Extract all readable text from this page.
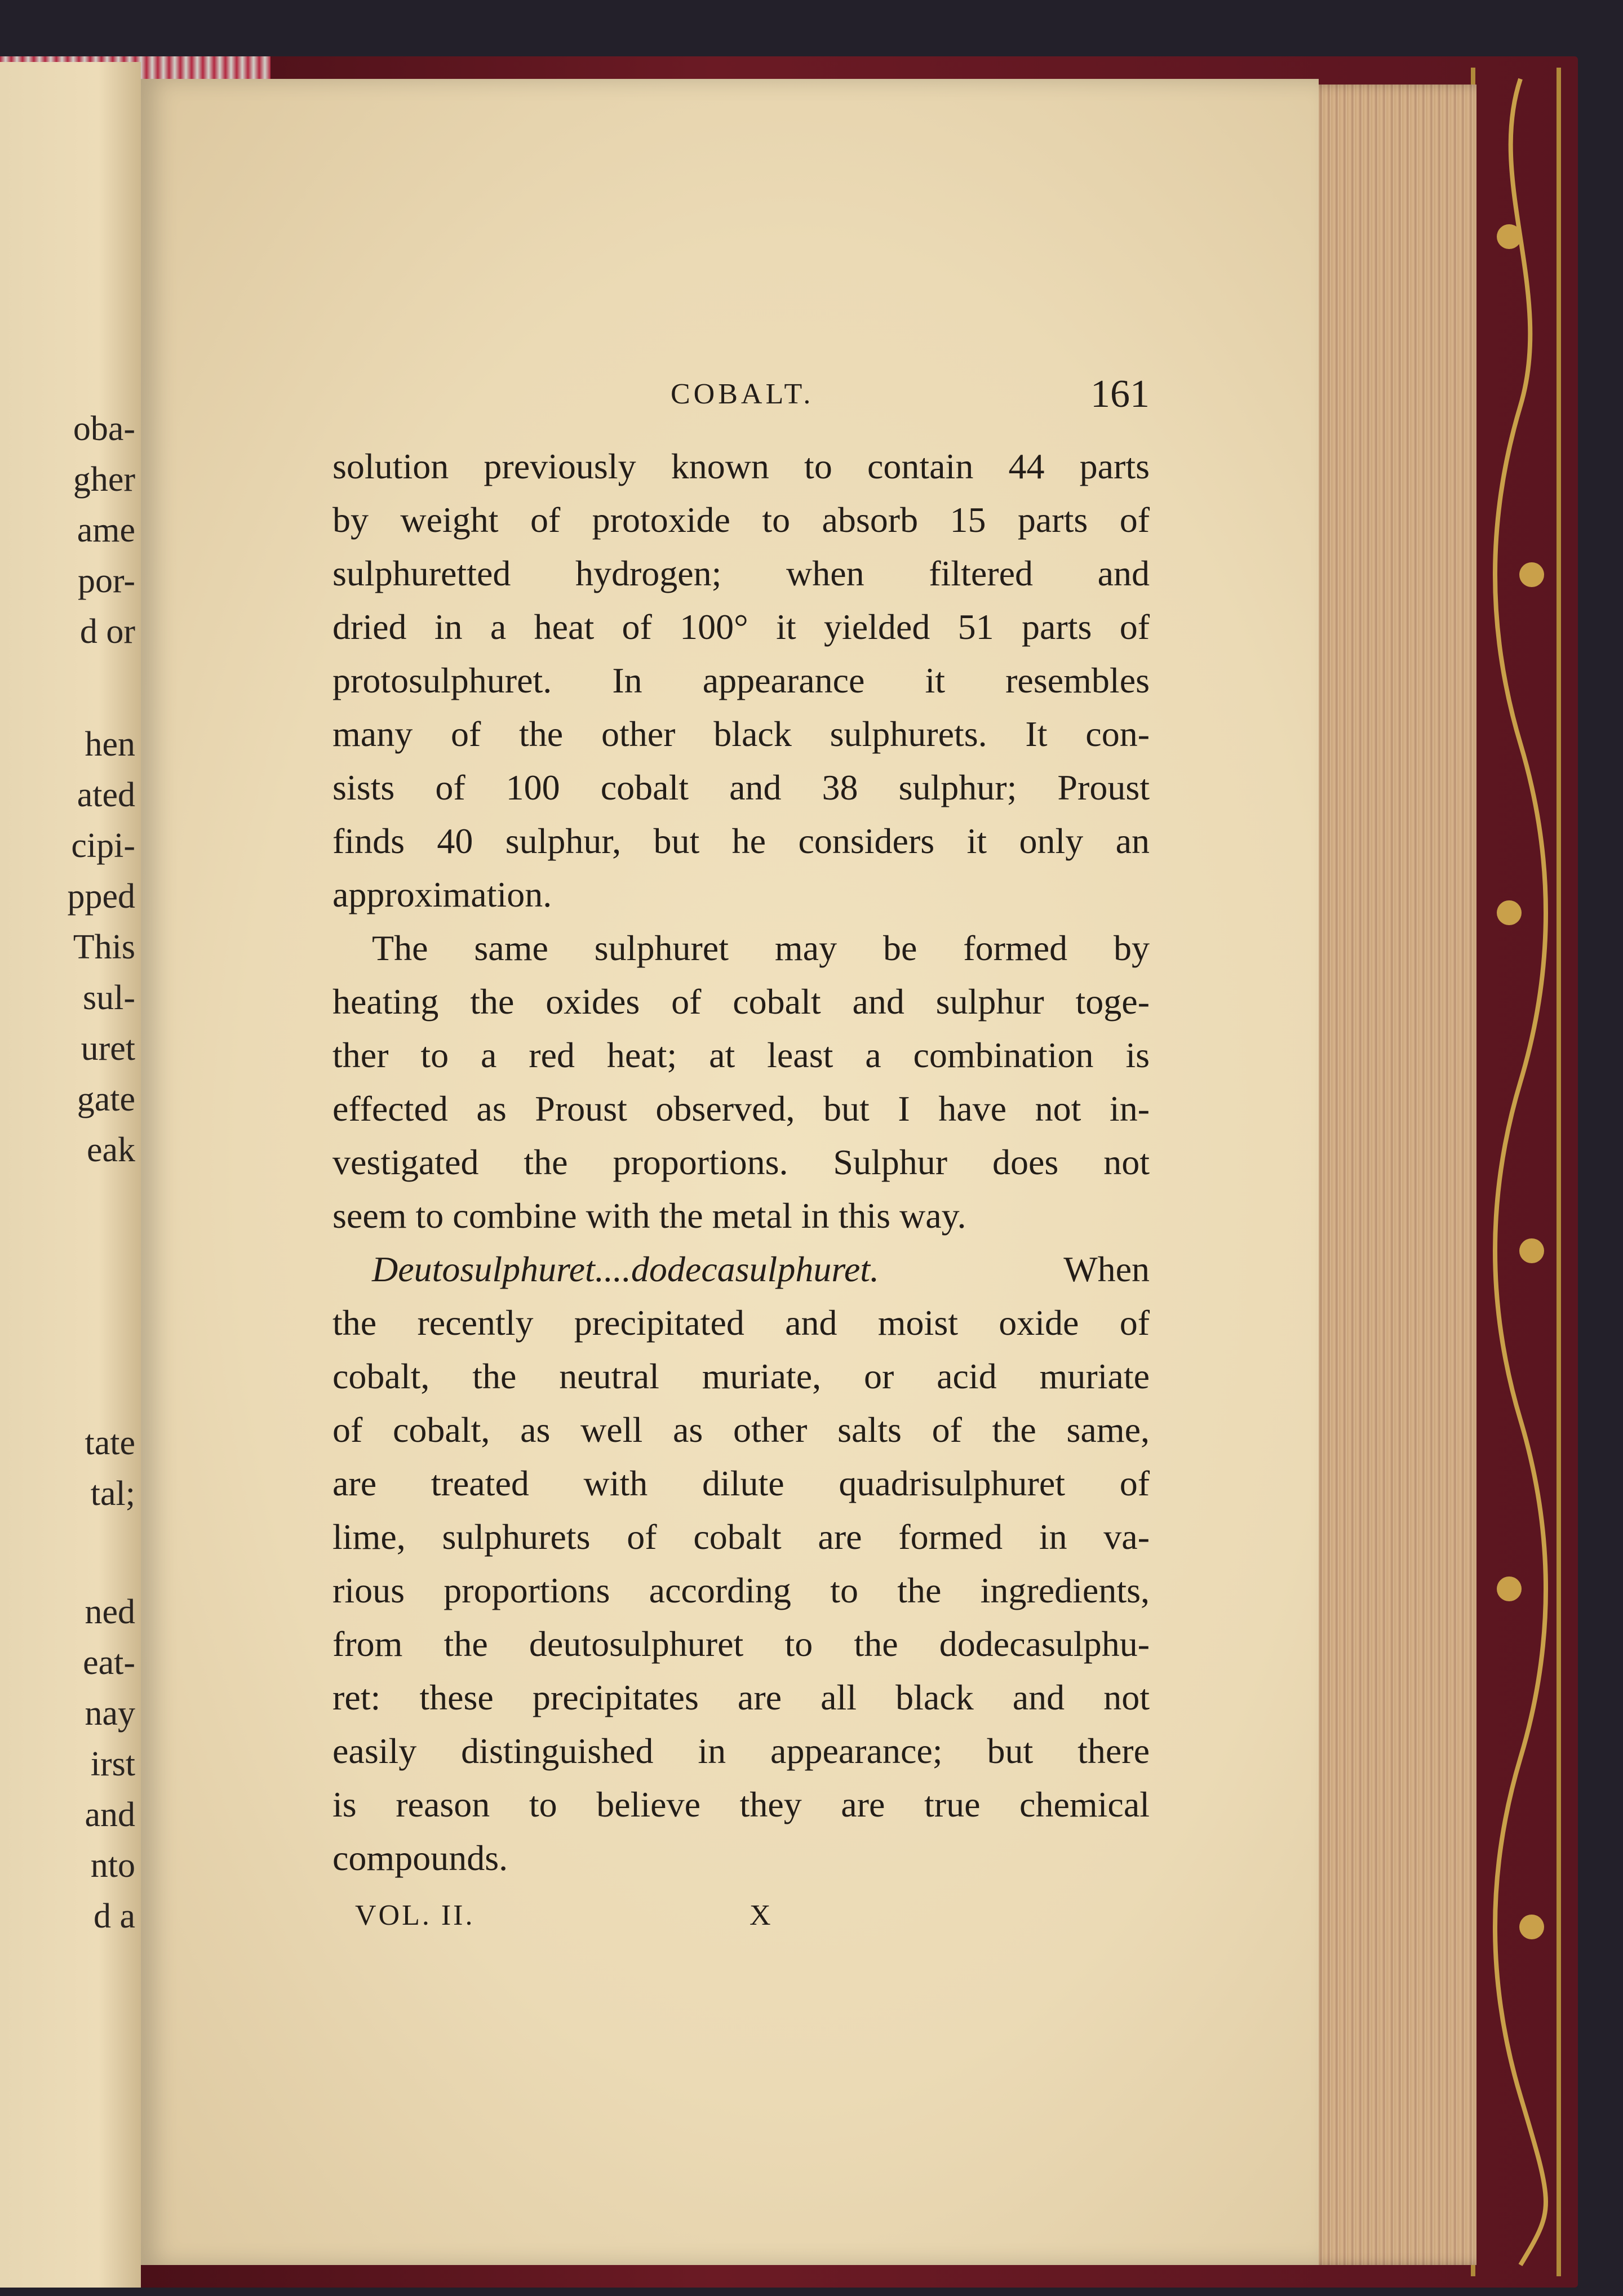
oba-
gher
ame
por-
d or
hen
ated
cipi-
pped
This
sul-
uret
gate
eak
tate
tal;
ned
eat-
nay
irst
and
nto
d a
COBALT.	161
solution previously known to contain 44 parts
by weight of protoxide to absorb 15 parts of
sulphuretted hydrogen; when filtered and
dried in a heat of 100° it yielded 51 parts of
protosulphuret. In appearance it resembles
many of the other black sulphurets. It con-
sists of 100 cobalt and 38 sulphur; Proust
finds 40 sulphur, but he considers it only an
approximation.
The same sulphuret may be formed by
heating the oxides of cobalt and sulphur toge-
ther to a red heat; at least a combination is
effected as Proust observed, but I have not in-
vestigated the proportions. Sulphur does not
seem to combine with the metal in this way.
Deutosulphuret....dodecasulphuret.	When
the recently precipitated and moist oxide of
cobalt, the neutral muriate, or acid muriate
of cobalt, as well as other salts of the same,
are treated with dilute quadrisulphuret of
lime, sulphurets of cobalt are formed in va-
rious proportions according to the ingredients,
from the deutosulphuret to the dodecasulphu-
ret: these precipitates are all black and not
easily distinguished in appearance; but there
is reason to believe they are true chemical
compounds.
VOL. II.	X
